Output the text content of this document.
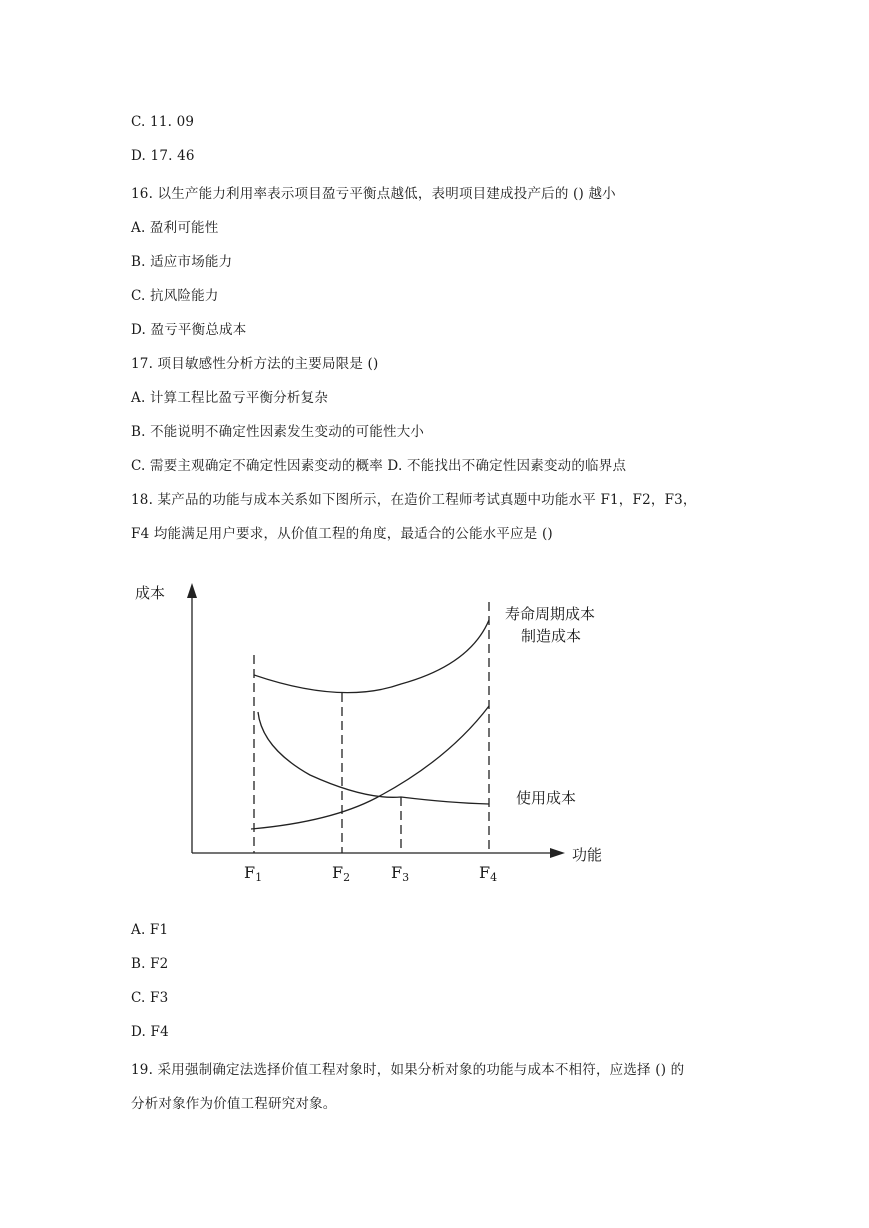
C. 11. 09
D. 17. 46
16. 以生产能力利用率表示项目盈亏平衡点越低，表明项目建成投产后的 () 越小
A. 盈利可能性
B. 适应市场能力
C. 抗风险能力
D. 盈亏平衡总成本
17. 项目敏感性分析方法的主要局限是 ()
A. 计算工程比盈亏平衡分析复杂
B. 不能说明不确定性因素发生变动的可能性大小
C. 需要主观确定不确定性因素变动的概率 D. 不能找出不确定性因素变动的临界点
18. 某产品的功能与成本关系如下图所示，在造价工程师考试真题中功能水平 F1，F2，F3，
F4 均能满足用户要求，从价值工程的角度，最适合的公能水平应是 ()
成本
功能
寿命周期成本
制造成本
使用成本
F1	F2	F3	F4
A. F1
B. F2
C. F3
D. F4
19. 采用强制确定法选择价值工程对象时，如果分析对象的功能与成本不相符，应选择 () 的
分析对象作为价值工程研究对象。
